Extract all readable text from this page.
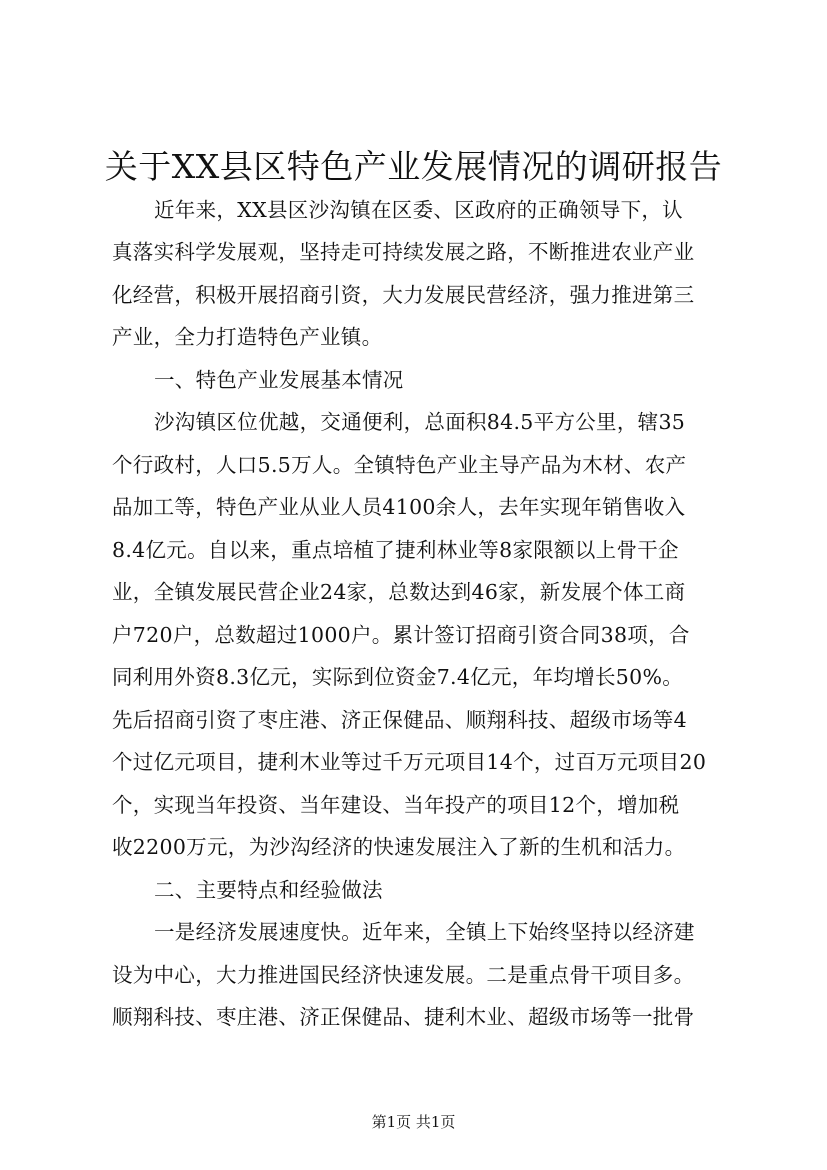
关于XX县区特色产业发展情况的调研报告
近年来，XX县区沙沟镇在区委、区政府的正确领导下，认
真落实科学发展观，坚持走可持续发展之路，不断推进农业产业
化经营，积极开展招商引资，大力发展民营经济，强力推进第三
产业，全力打造特色产业镇。
一、特色产业发展基本情况
沙沟镇区位优越，交通便利，总面积84.5平方公里，辖35
个行政村，人口5.5万人。全镇特色产业主导产品为木材、农产
品加工等，特色产业从业人员4100余人，去年实现年销售收入
8.4亿元。自以来，重点培植了捷利林业等8家限额以上骨干企
业，全镇发展民营企业24家，总数达到46家，新发展个体工商
户720户，总数超过1000户。累计签订招商引资合同38项，合
同利用外资8.3亿元，实际到位资金7.4亿元，年均增长50%。
先后招商引资了枣庄港、济正保健品、顺翔科技、超级市场等4
个过亿元项目，捷利木业等过千万元项目14个，过百万元项目20
个，实现当年投资、当年建设、当年投产的项目12个，增加税
收2200万元，为沙沟经济的快速发展注入了新的生机和活力。
二、主要特点和经验做法
一是经济发展速度快。近年来，全镇上下始终坚持以经济建
设为中心，大力推进国民经济快速发展。二是重点骨干项目多。
顺翔科技、枣庄港、济正保健品、捷利木业、超级市场等一批骨
第1页 共1页
